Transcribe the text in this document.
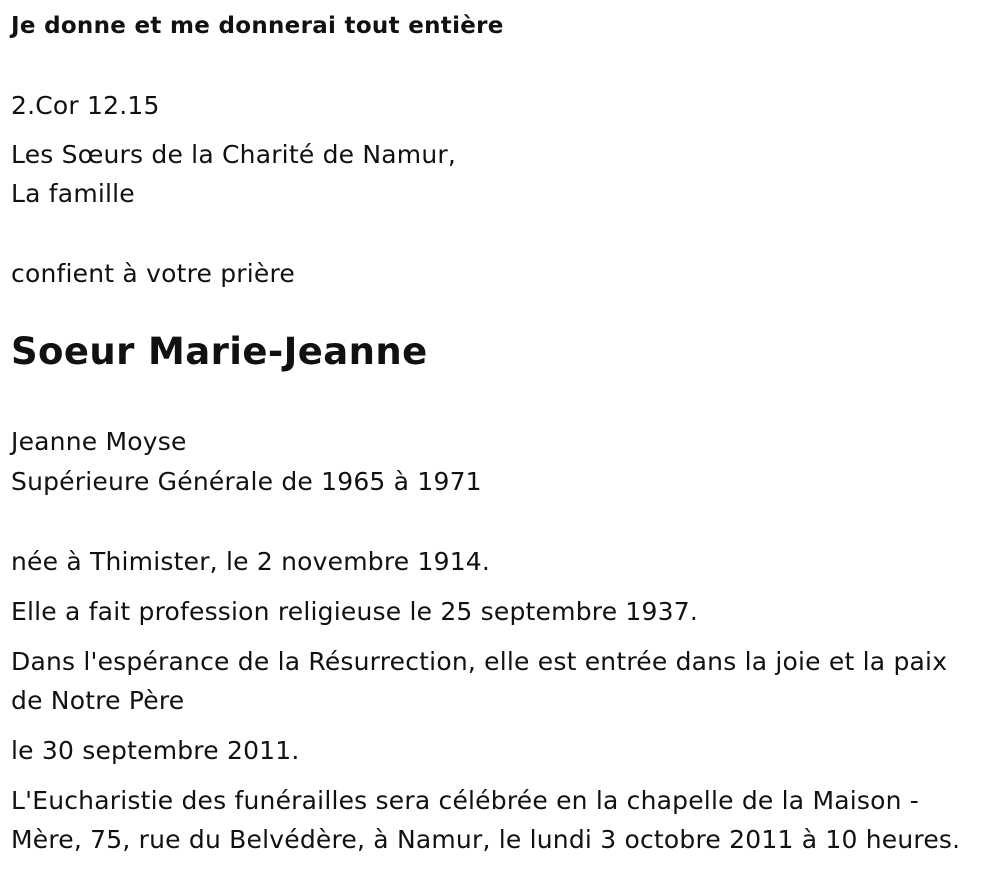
Je donne et me donnerai tout entière
2.Cor 12.15
Les Sœurs de la Charité de Namur,
La famille
confient à votre prière
Soeur Marie-Jeanne
Jeanne Moyse
Supérieure Générale de 1965 à 1971
née à Thimister, le 2 novembre 1914.
Elle a fait profession religieuse le 25 septembre 1937.
Dans l'espérance de la Résurrection, elle est entrée dans la joie et la paix
de Notre Père
le 30 septembre 2011.
L'Eucharistie des funérailles sera célébrée en la chapelle de la Maison -
Mère, 75, rue du Belvédère, à Namur, le lundi 3 octobre 2011 à 10 heures.
